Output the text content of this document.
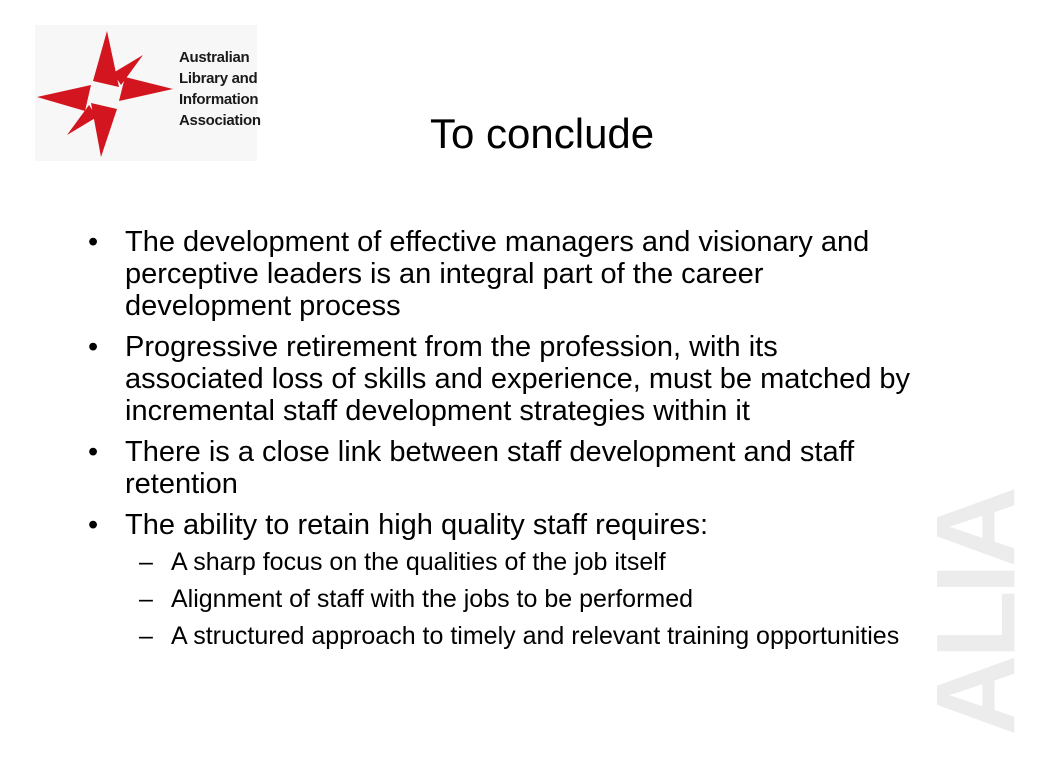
Australian
Library and
Information
Association	To conclude
• The development of effective managers and visionary and perceptive leaders is an integral part of the career development process
• Progressive retirement from the profession, with its associated loss of skills and experience, must be matched by incremental staff development strategies within it
• There is a close link between staff development and staff retention
• The ability to retain high quality staff requires:
– A sharp focus on the qualities of the job itself
– Alignment of staff with the jobs to be performed
– A structured approach to timely and relevant training opportunities ALIA
